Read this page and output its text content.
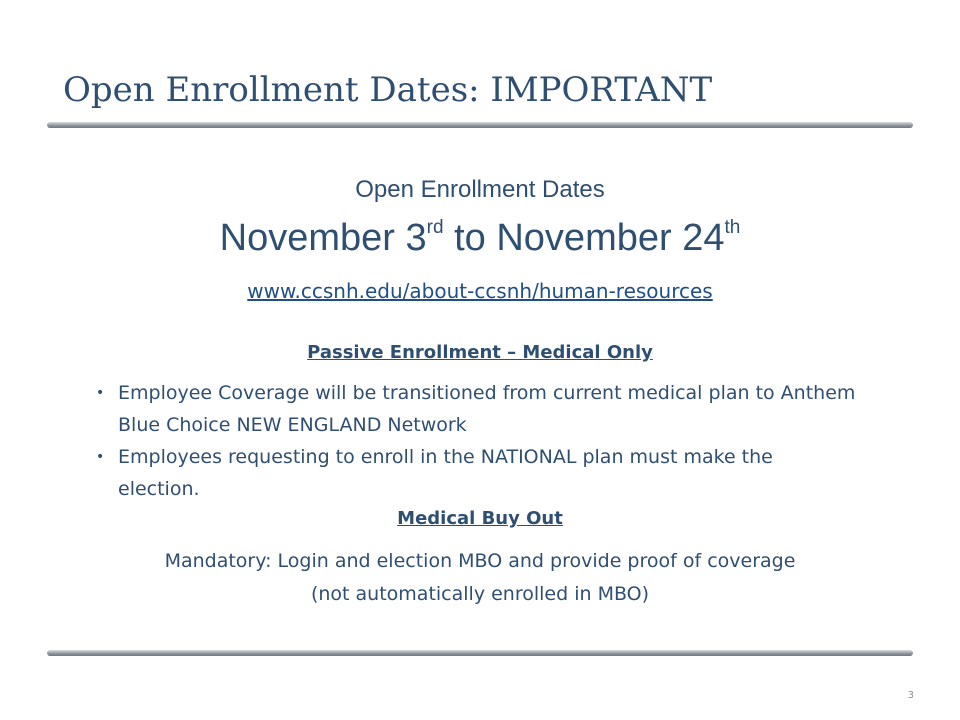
Open Enrollment Dates: IMPORTANT
Open Enrollment Dates
November 3rd to November 24th
www.ccsnh.edu/about-ccsnh/human-resources
Passive Enrollment – Medical Only
• Employee Coverage will be transitioned from current medical plan to Anthem Blue Choice NEW ENGLAND Network
• Employees requesting to enroll in the NATIONAL plan must make the election.
Medical Buy Out
Mandatory: Login and election MBO and provide proof of coverage
(not automatically enrolled in MBO)
3
